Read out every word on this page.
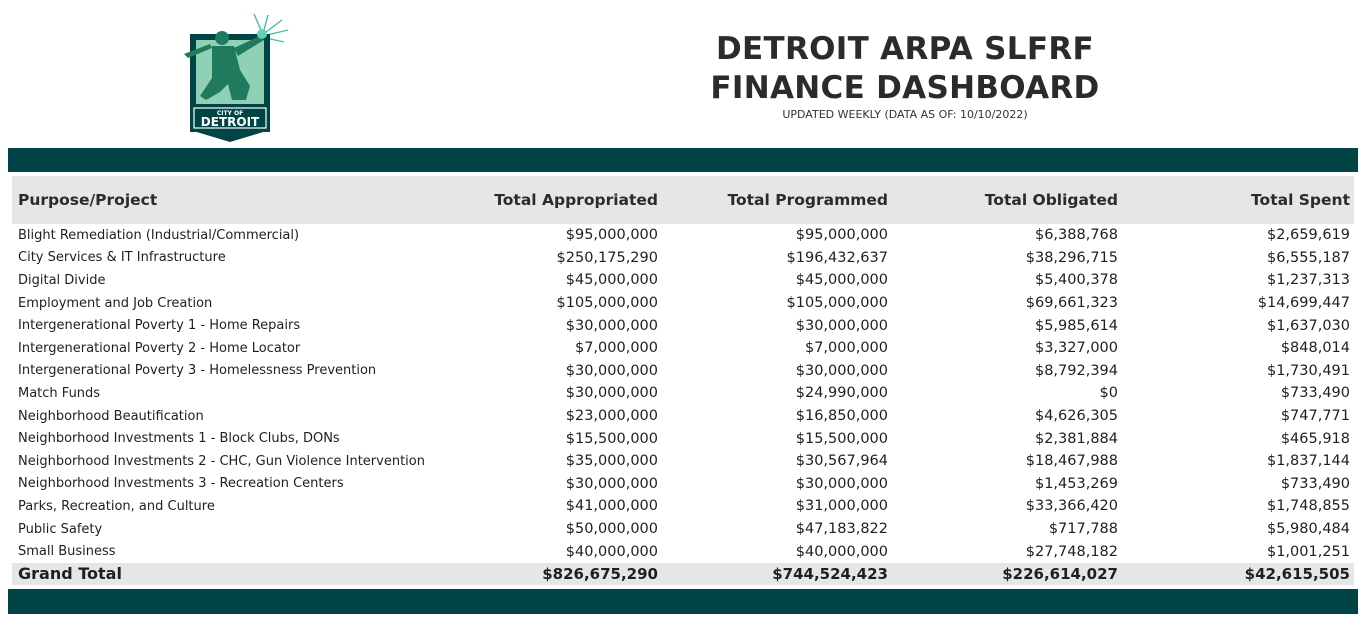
CITY OF
DETROIT
DETROIT ARPA SLFRF
FINANCE DASHBOARD
UPDATED WEEKLY (DATA AS OF: 10/10/2022)
Purpose/Project	Total Appropriated	Total Programmed	Total Obligated	Total Spent
Blight Remediation (Industrial/Commercial)	$95,000,000	$95,000,000	$6,388,768	$2,659,619
City Services & IT Infrastructure	$250,175,290	$196,432,637	$38,296,715	$6,555,187
Digital Divide	$45,000,000	$45,000,000	$5,400,378	$1,237,313
Employment and Job Creation	$105,000,000	$105,000,000	$69,661,323	$14,699,447
Intergenerational Poverty 1 - Home Repairs	$30,000,000	$30,000,000	$5,985,614	$1,637,030
Intergenerational Poverty 2 - Home Locator	$7,000,000	$7,000,000	$3,327,000	$848,014
Intergenerational Poverty 3 - Homelessness Prevention	$30,000,000	$30,000,000	$8,792,394	$1,730,491
Match Funds	$30,000,000	$24,990,000	$0	$733,490
Neighborhood Beautification	$23,000,000	$16,850,000	$4,626,305	$747,771
Neighborhood Investments 1 - Block Clubs, DONs	$15,500,000	$15,500,000	$2,381,884	$465,918
Neighborhood Investments 2 - CHC, Gun Violence Intervention	$35,000,000	$30,567,964	$18,467,988	$1,837,144
Neighborhood Investments 3 - Recreation Centers	$30,000,000	$30,000,000	$1,453,269	$733,490
Parks, Recreation, and Culture	$41,000,000	$31,000,000	$33,366,420	$1,748,855
Public Safety	$50,000,000	$47,183,822	$717,788	$5,980,484
Small Business	$40,000,000	$40,000,000	$27,748,182	$1,001,251
Grand Total	$826,675,290	$744,524,423	$226,614,027	$42,615,505
